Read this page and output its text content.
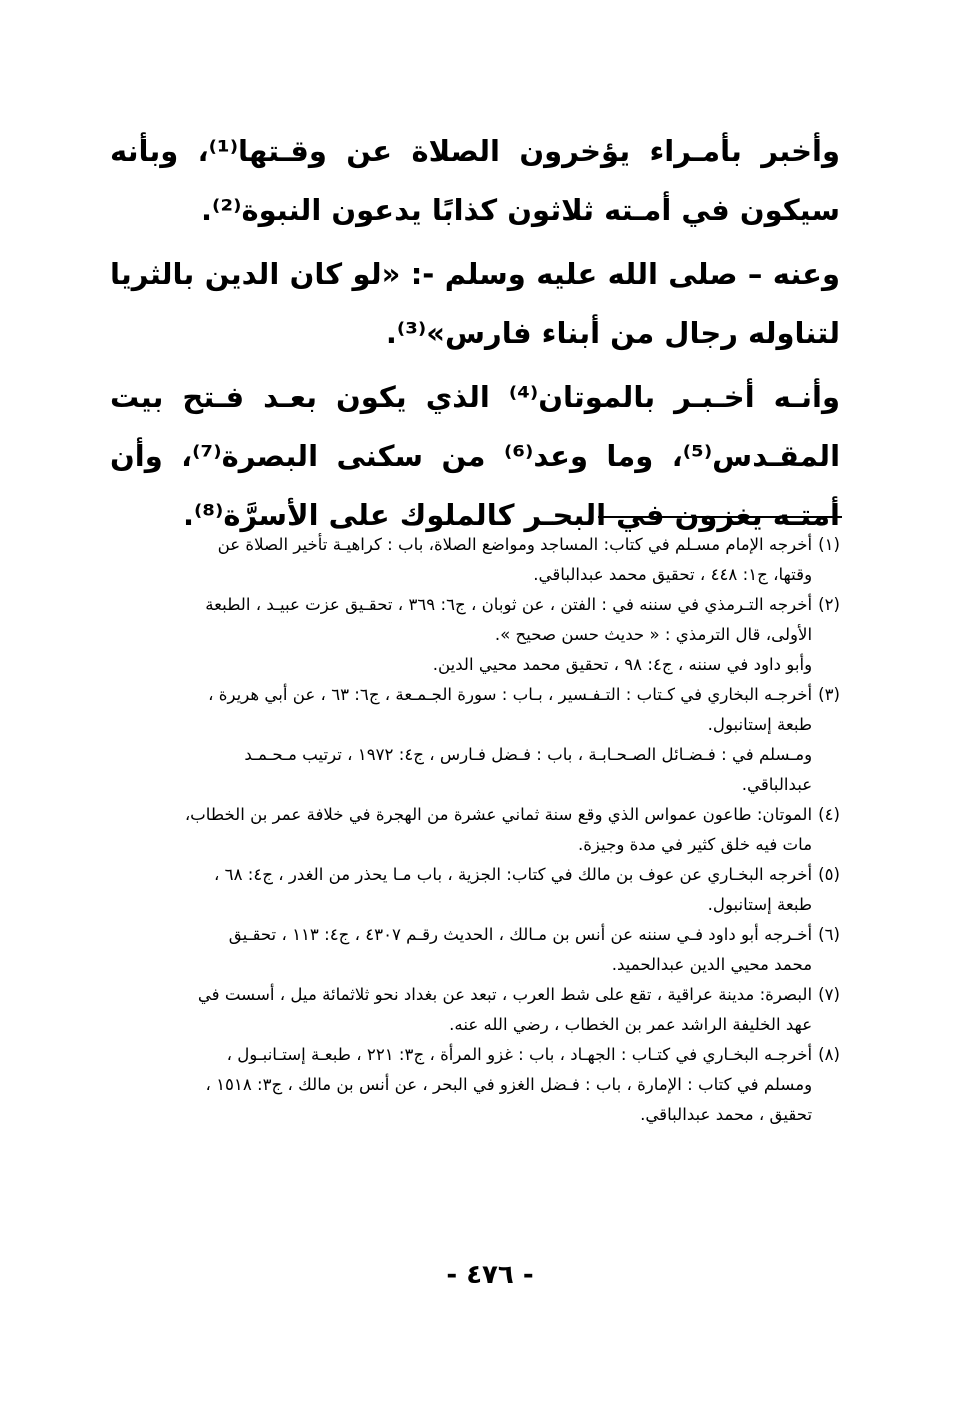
وأخبر بأمـراء يؤخرون الصلاة عن وقـتها⁽¹⁾، وبأنه سيكون في أمـته ثلاثون كذابًا يدعون النبوة⁽²⁾.

وعنه – صلى الله عليه وسلم -: «لو كان الدين بالثريا لتناوله رجال من أبناء فارس»⁽³⁾.

وأنـه أخـبـر بالموتان⁽⁴⁾ الذي يكون بعـد فـتح بيت المقـدس⁽⁵⁾، وما وعد⁽⁶⁾ من سكنى البصرة⁽⁷⁾، وأن أمتـه يغزون في البحـر كالملوك على الأسرَّة⁽⁸⁾.

(١)
أخرجه الإمام مسـلم في كتاب: المساجد ومواضع الصلاة، باب : كراهيـة تأخير الصلاة عن
وقتها، ج١: ٤٤٨ ، تحقيق محمد عبدالباقي.
(٢)
أخرجه التـرمذي في سننه في : الفتن ، عن ثوبان ، ج٦: ٣٦٩ ، تحقـيق عزت عبيـد ، الطبعة
الأولى، قال الترمذي : « حديث حسن صحيح ».
وأبو داود في سننه ، ج٤: ٩٨ ، تحقيق محمد محيي الدين.
(٣)
أخرجـه البخاري في كـتاب : التـفـسير ، بـاب : سورة الجـمـعة ، ج٦: ٦٣ ، عن أبي هريرة ،
طبعة إستانبول.
ومـسلم في : فـضـائل الصـحـابـة ، باب : فـضل فـارس ، ج٤: ١٩٧٢ ، ترتيب مـحـمـد
عبدالباقي.
(٤)
الموتان: طاعون عمواس الذي وقع سنة ثماني عشرة من الهجرة في خلافة عمر بن الخطاب،
مات فيه خلق كثير في مدة وجيزة.
(٥)
أخرجه البخـاري عن عوف بن مالك في كتاب: الجزية ، باب مـا يحذر من الغدر ، ج٤: ٦٨ ،
طبعة إستانبول.
(٦)
أخـرجه أبو داود فـي سننه عن أنس بن مـالك ، الحديث رقـم ٤٣٠٧ ، ج٤: ١١٣ ، تحقـيق
محمد محيي الدين عبدالحميد.
(٧)
البصرة: مدينة عراقية ، تقع على شط العرب ، تبعد عن بغداد نحو ثلاثمائة ميل ، أسست في
عهد الخليفة الراشد عمر بن الخطاب ، رضي الله عنه.
(٨)
أخرجـه البخـاري في كتـاب : الجهـاد ، باب : غزو المرأة ، ج٣: ٢٢١ ، طبعـة إستـانبـول ،
ومسلم في كتاب : الإمارة ، باب : فـضل الغزو في البحر ، عن أنس بن مالك ، ج٣: ١٥١٨ ،
تحقيق ، محمد عبدالباقي.
- ٤٧٦ -
